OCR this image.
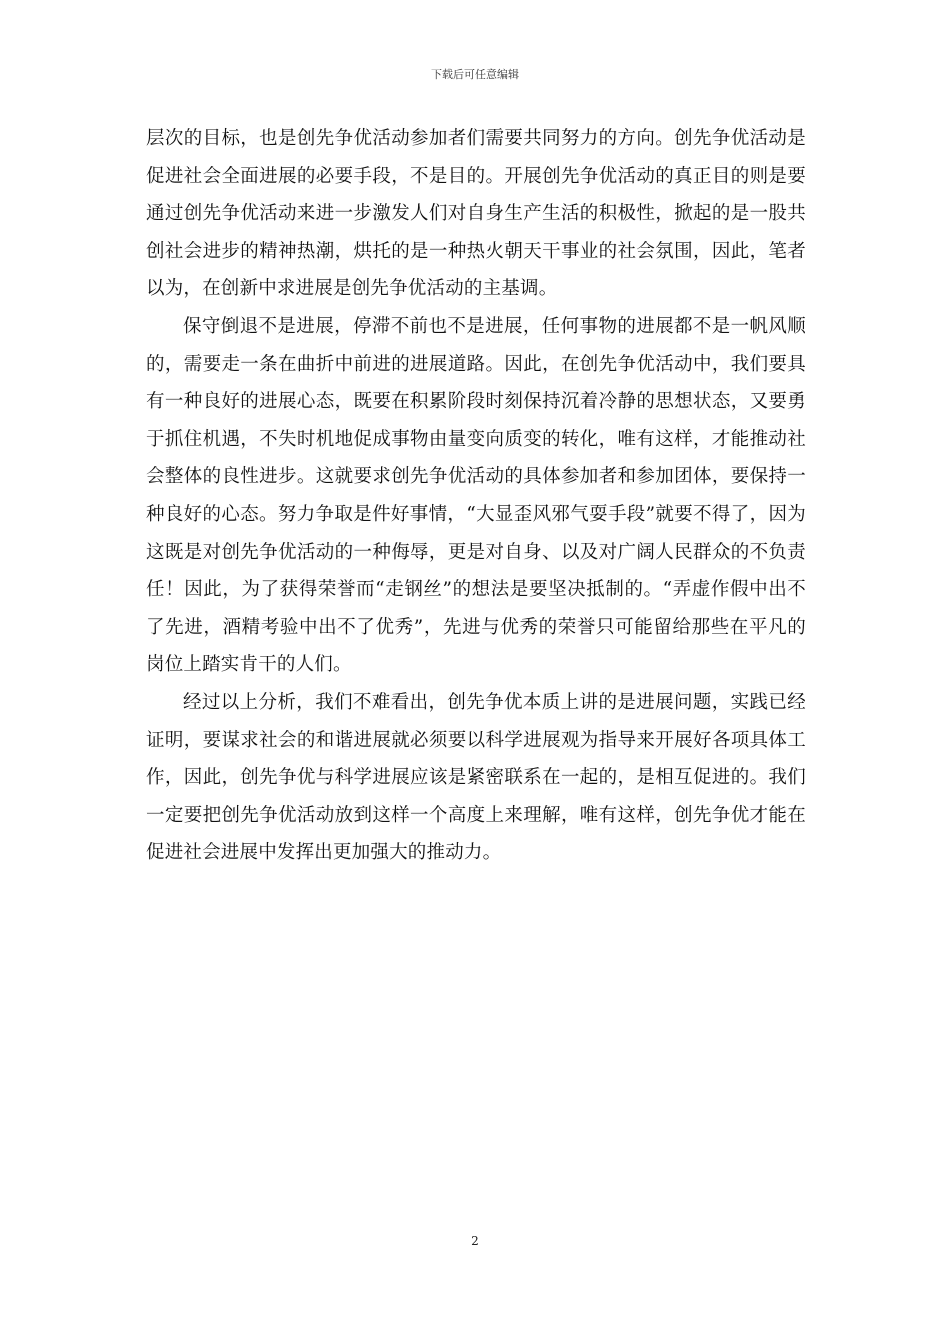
下载后可任意编辑

层次的目标，也是创先争优活动参加者们需要共同努力的方向。创先争优活动是促进社会全面进展的必要手段，不是目的。开展创先争优活动的真正目的则是要通过创先争优活动来进一步激发人们对自身生产生活的积极性，掀起的是一股共创社会进步的精神热潮，烘托的是一种热火朝天干事业的社会氛围，因此，笔者以为，在创新中求进展是创先争优活动的主基调。

保守倒退不是进展，停滞不前也不是进展，任何事物的进展都不是一帆风顺的，需要走一条在曲折中前进的进展道路。因此，在创先争优活动中，我们要具有一种良好的进展心态，既要在积累阶段时刻保持沉着冷静的思想状态，又要勇于抓住机遇，不失时机地促成事物由量变向质变的转化，唯有这样，才能推动社会整体的良性进步。这就要求创先争优活动的具体参加者和参加团体，要保持一种良好的心态。努力争取是件好事情，“大显歪风邪气耍手段”就要不得了，因为这既是对创先争优活动的一种侮辱，更是对自身、以及对广阔人民群众的不负责任！因此，为了获得荣誉而“走钢丝”的想法是要坚决抵制的。“弄虚作假中出不了先进，酒精考验中出不了优秀”，先进与优秀的荣誉只可能留给那些在平凡的岗位上踏实肯干的人们。

经过以上分析，我们不难看出，创先争优本质上讲的是进展问题，实践已经证明，要谋求社会的和谐进展就必须要以科学进展观为指导来开展好各项具体工作，因此，创先争优与科学进展应该是紧密联系在一起的，是相互促进的。我们一定要把创先争优活动放到这样一个高度上来理解，唯有这样，创先争优才能在促进社会进展中发挥出更加强大的推动力。

2
